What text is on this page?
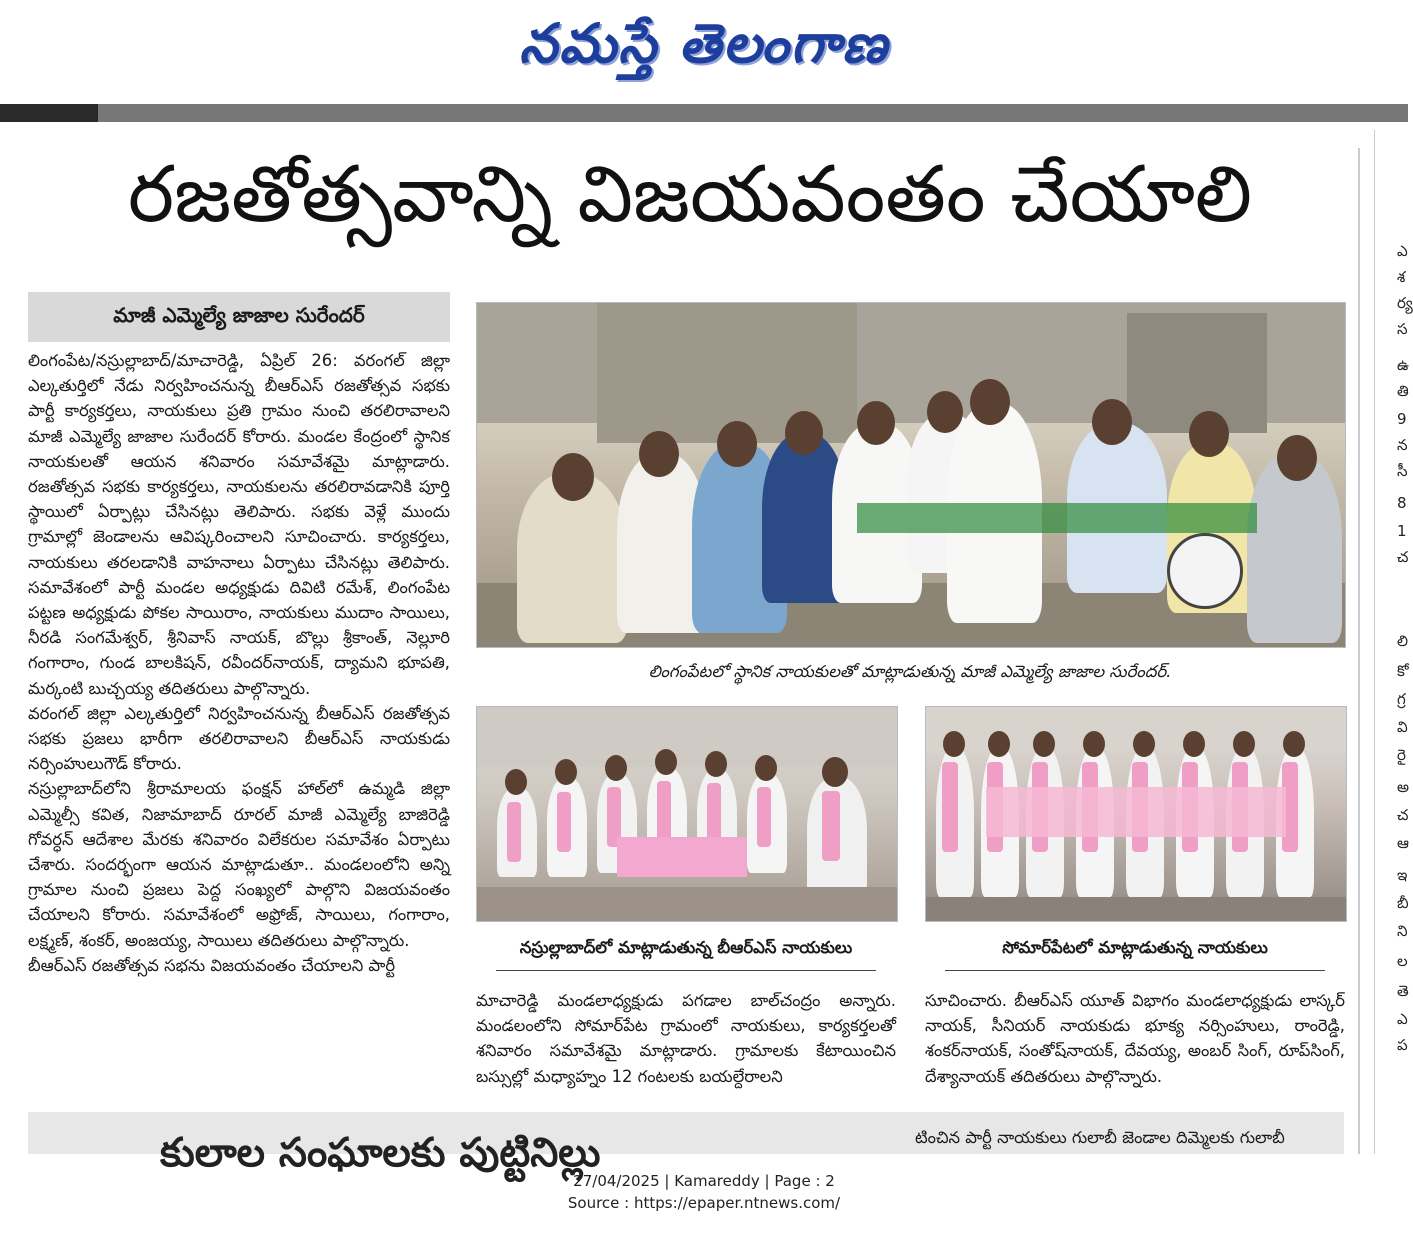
నమస్తే తెలంగాణ
రజతోత్సవాన్ని విజయవంతం చేయాలి
మాజీ ఎమ్మెల్యే జాజాల సురేందర్

లింగంపేట/నస్రుల్లాబాద్/మాచారెడ్డి, ఏప్రిల్ 26: వరంగల్ జిల్లా ఎల్కతుర్తిలో నేడు నిర్వహించనున్న బీఆర్ఎస్ రజతోత్సవ సభకు పార్టీ కార్యకర్తలు, నాయకులు ప్రతి గ్రామం నుంచి తరలిరావాలని మాజీ ఎమ్మెల్యే జాజాల సురేందర్ కోరారు. మండల కేంద్రంలో స్థానిక నాయకులతో ఆయన శనివారం సమావేశమై మాట్లాడారు. రజతోత్సవ సభకు కార్యకర్తలు, నాయకులను తరలిరావడానికి పూర్తి స్థాయిలో ఏర్పాట్లు చేసినట్లు తెలిపారు. సభకు వెళ్లే ముందు గ్రామాల్లో జెండాలను ఆవిష్కరించాలని సూచించారు. కార్యకర్తలు, నాయకులు తరలడానికి వాహనాలు ఏర్పాటు చేసినట్లు తెలిపారు. సమావేశంలో పార్టీ మండల అధ్యక్షుడు దివిటి రమేశ్, లింగంపేట పట్టణ అధ్యక్షుడు పోకల సాయిరాం, నాయకులు ముదాం సాయిలు, నీరడి సంగమేశ్వర్, శ్రీనివాస్ నాయక్, బొల్లు శ్రీకాంత్, నెల్లూరి గంగారాం, గుండ బాలకిషన్, రవీందర్‌నాయక్, ద్యామని భూపతి, మర్కంటి బుచ్చయ్య తదితరులు పాల్గొన్నారు.

వరంగల్ జిల్లా ఎల్కతుర్తిలో నిర్వహించనున్న బీఆర్ఎస్ రజతోత్సవ సభకు ప్రజలు భారీగా తరలిరావాలని బీఆర్ఎస్ నాయకుడు నర్సింహులుగౌడ్ కోరారు.

నస్రుల్లాబాద్‌లోని శ్రీరామాలయ ఫంక్షన్ హాల్‌లో ఉమ్మడి జిల్లా ఎమ్మెల్సీ కవిత, నిజామాబాద్ రూరల్ మాజీ ఎమ్మెల్యే బాజిరెడ్డి గోవర్ధన్ ఆదేశాల మేరకు శనివారం విలేకరుల సమావేశం ఏర్పాటు చేశారు. సందర్భంగా ఆయన మాట్లాడుతూ.. మండలంలోని అన్ని గ్రామాల నుంచి ప్రజలు పెద్ద సంఖ్యలో పాల్గొని విజయవంతం చేయాలని కోరారు. సమావేశంలో అఫ్రోజ్, సాయిలు, గంగారాం, లక్ష్మణ్, శంకర్, అంజయ్య, సాయిలు తదితరులు పాల్గొన్నారు.

బీఆర్ఎస్ రజతోత్సవ సభను విజయవంతం చేయాలని పార్టీ

లింగంపేటలో స్థానిక నాయకులతో మాట్లాడుతున్న మాజీ ఎమ్మెల్యే జాజాల సురేందర్.
నస్రుల్లాబాద్‌లో మాట్లాడుతున్న బీఆర్ఎస్ నాయకులు	సోమార్‌పేటలో మాట్లాడుతున్న నాయకులు
మాచారెడ్డి మండలాధ్యక్షుడు పగడాల బాల్‌చంద్రం అన్నారు. మండలంలోని సోమార్‌పేట గ్రామంలో నాయకులు, కార్యకర్తలతో శనివారం సమావేశమై మాట్లాడారు. గ్రామాలకు కేటాయించిన బస్సుల్లో మధ్యాహ్నం 12 గంటలకు బయల్దేరాలని
సూచించారు. బీఆర్ఎస్ యూత్ విభాగం మండలాధ్యక్షుడు లాస్కర్ నాయక్, సీనియర్ నాయకుడు భూక్య నర్సింహులు, రాంరెడ్డి, శంకర్‌నాయక్, సంతోష్‌నాయక్, దేవయ్య, అంబర్ సింగ్, రూప్‌సింగ్, దేశ్యానాయక్ తదితరులు పాల్గొన్నారు.
కులాల సంఘాలకు పుట్టినిల్లు	టించిన పార్టీ నాయకులు గులాబీ జెండాల దిమ్మెలకు గులాబీ
ఎ
శ
ర్య
స
ఉ
తి
9
న
సీ
8
1
చ
లి
కో
గ్ర
వి
రై
అ
చ
ఆ
ఇ
బీ
ని
ల
తె
ఎ
ప
27/04/2025 | Kamareddy | Page : 2
Source : https://epaper.ntnews.com/
